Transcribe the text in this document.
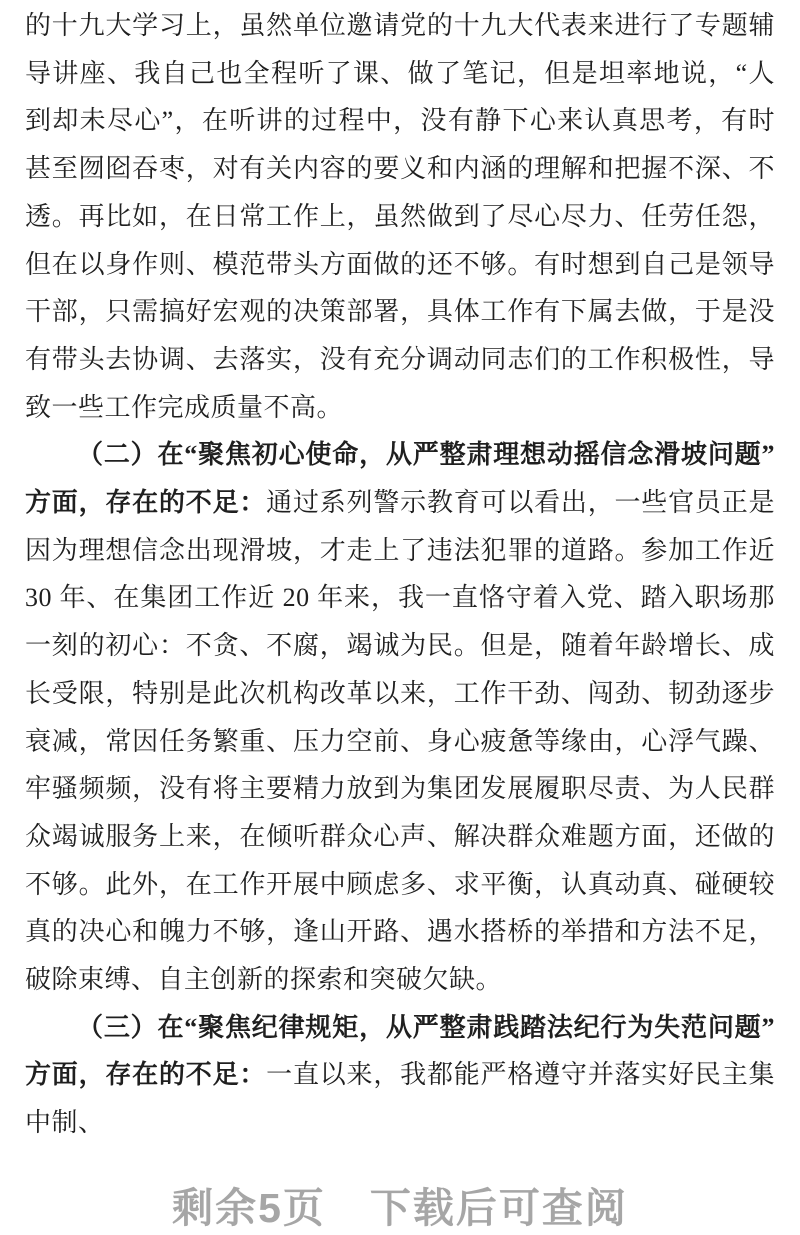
的十九大学习上，虽然单位邀请党的十九大代表来进行了专题辅导讲座、我自己也全程听了课、做了笔记，但是坦率地说，“人到却未尽心”，在听讲的过程中，没有静下心来认真思考，有时甚至囫囵吞枣，对有关内容的要义和内涵的理解和把握不深、不透。再比如，在日常工作上，虽然做到了尽心尽力、任劳任怨，但在以身作则、模范带头方面做的还不够。有时想到自己是领导干部，只需搞好宏观的决策部署，具体工作有下属去做，于是没有带头去协调、去落实，没有充分调动同志们的工作积极性，导致一些工作完成质量不高。

（二）在“聚焦初心使命，从严整肃理想动摇信念滑坡问题”方面，存在的不足：通过系列警示教育可以看出，一些官员正是因为理想信念出现滑坡，才走上了违法犯罪的道路。参加工作近 30 年、在集团工作近 20 年来，我一直恪守着入党、踏入职场那一刻的初心：不贪、不腐，竭诚为民。但是，随着年龄增长、成长受限，特别是此次机构改革以来，工作干劲、闯劲、韧劲逐步衰减，常因任务繁重、压力空前、身心疲惫等缘由，心浮气躁、牢骚频频，没有将主要精力放到为集团发展履职尽责、为人民群众竭诚服务上来，在倾听群众心声、解决群众难题方面，还做的不够。此外，在工作开展中顾虑多、求平衡，认真动真、碰硬较真的决心和魄力不够，逢山开路、遇水搭桥的举措和方法不足，破除束缚、自主创新的探索和突破欠缺。

（三）在“聚焦纪律规矩，从严整肃践踏法纪行为失范问题”方面，存在的不足：一直以来，我都能严格遵守并落实好民主集中制、

剩余5页 下载后可查阅
